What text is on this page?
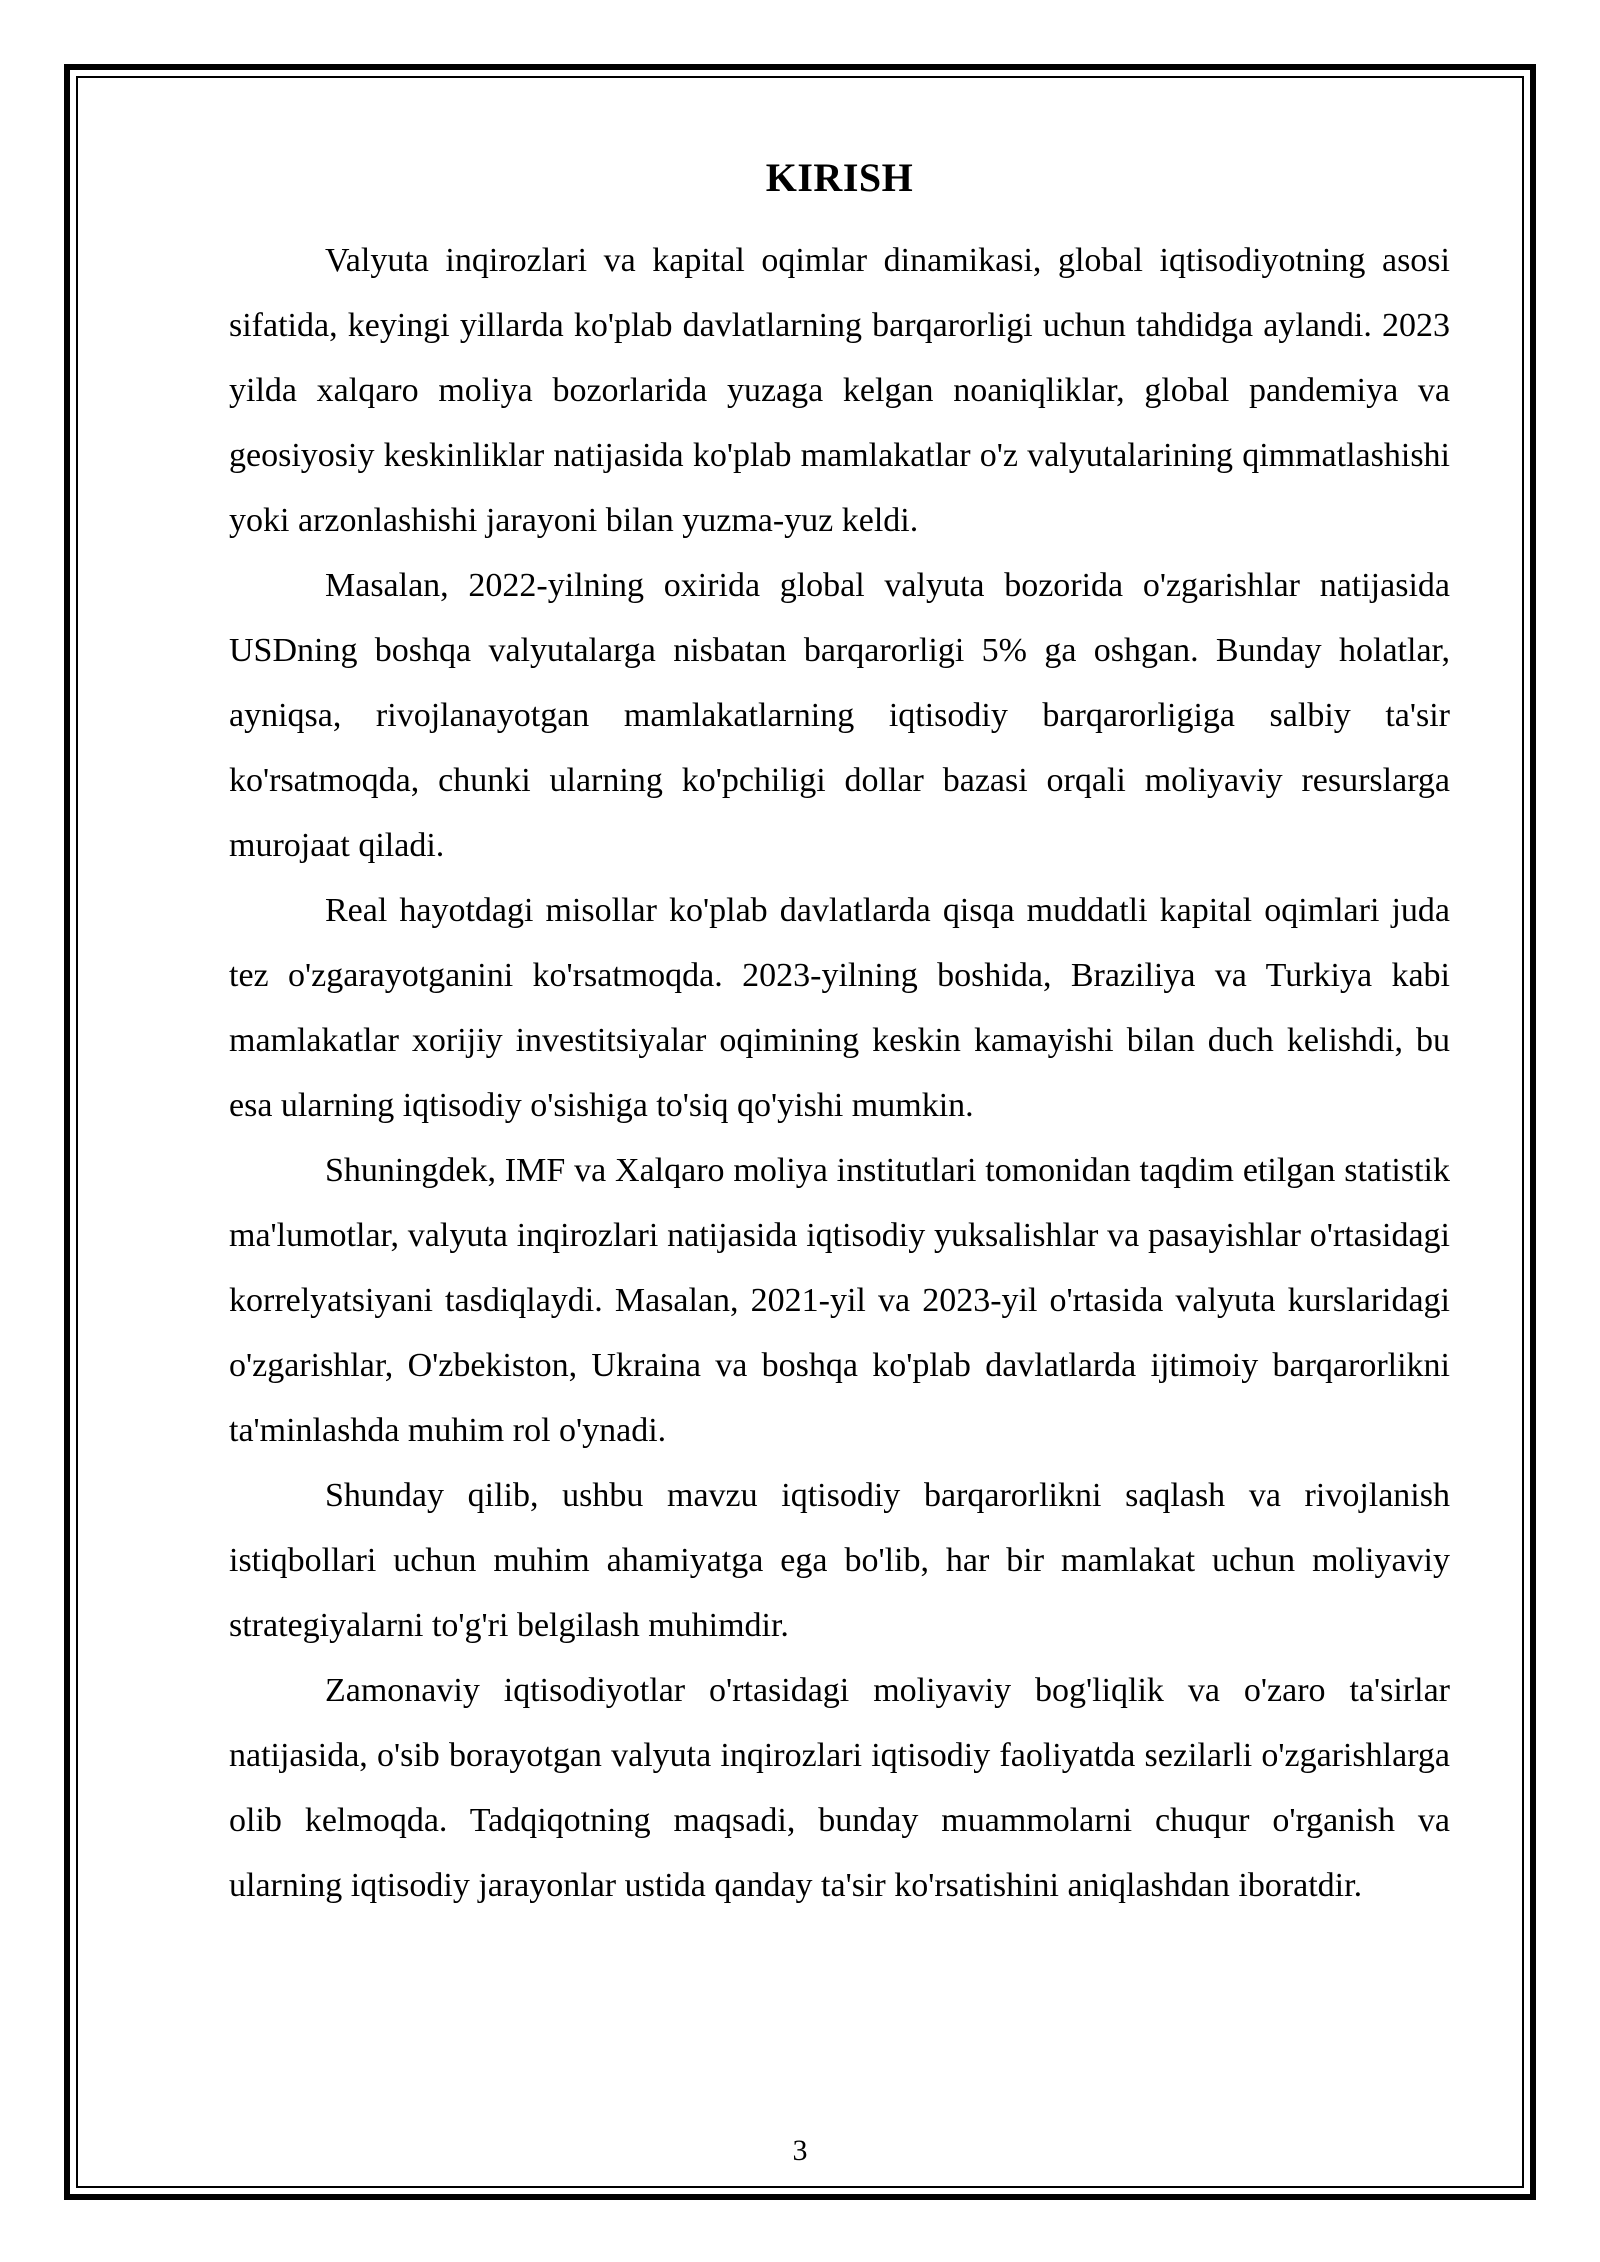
KIRISH

Valyuta inqirozlari va kapital oqimlar dinamikasi, global iqtisodiyotning asosi sifatida, keyingi yillarda ko'plab davlatlarning barqarorligi uchun tahdidga aylandi. 2023 yilda xalqaro moliya bozorlarida yuzaga kelgan noaniqliklar, global pandemiya va geosiyosiy keskinliklar natijasida ko'plab mamlakatlar o'z valyutalarining qimmatlashishi yoki arzonlashishi jarayoni bilan yuzma-yuz keldi.

Masalan, 2022-yilning oxirida global valyuta bozorida o'zgarishlar natijasida USDning boshqa valyutalarga nisbatan barqarorligi 5% ga oshgan. Bunday holatlar, ayniqsa, rivojlanayotgan mamlakatlarning iqtisodiy barqarorligiga salbiy ta'sir ko'rsatmoqda, chunki ularning ko'pchiligi dollar bazasi orqali moliyaviy resurslarga murojaat qiladi.

Real hayotdagi misollar ko'plab davlatlarda qisqa muddatli kapital oqimlari juda tez o'zgarayotganini ko'rsatmoqda. 2023-yilning boshida, Braziliya va Turkiya kabi mamlakatlar xorijiy investitsiyalar oqimining keskin kamayishi bilan duch kelishdi, bu esa ularning iqtisodiy o'sishiga to'siq qo'yishi mumkin.

Shuningdek, IMF va Xalqaro moliya institutlari tomonidan taqdim etilgan statistik ma'lumotlar, valyuta inqirozlari natijasida iqtisodiy yuksalishlar va pasayishlar o'rtasidagi korrelyatsiyani tasdiqlaydi. Masalan, 2021-yil va 2023-yil o'rtasida valyuta kurslaridagi o'zgarishlar, O'zbekiston, Ukraina va boshqa ko'plab davlatlarda ijtimoiy barqarorlikni ta'minlashda muhim rol o'ynadi.

Shunday qilib, ushbu mavzu iqtisodiy barqarorlikni saqlash va rivojlanish istiqbollari uchun muhim ahamiyatga ega bo'lib, har bir mamlakat uchun moliyaviy strategiyalarni to'g'ri belgilash muhimdir.

Zamonaviy iqtisodiyotlar o'rtasidagi moliyaviy bog'liqlik va o'zaro ta'sirlar natijasida, o'sib borayotgan valyuta inqirozlari iqtisodiy faoliyatda sezilarli o'zgarishlarga olib kelmoqda. Tadqiqotning maqsadi, bunday muammolarni chuqur o'rganish va ularning iqtisodiy jarayonlar ustida qanday ta'sir ko'rsatishini aniqlashdan iboratdir.

3
